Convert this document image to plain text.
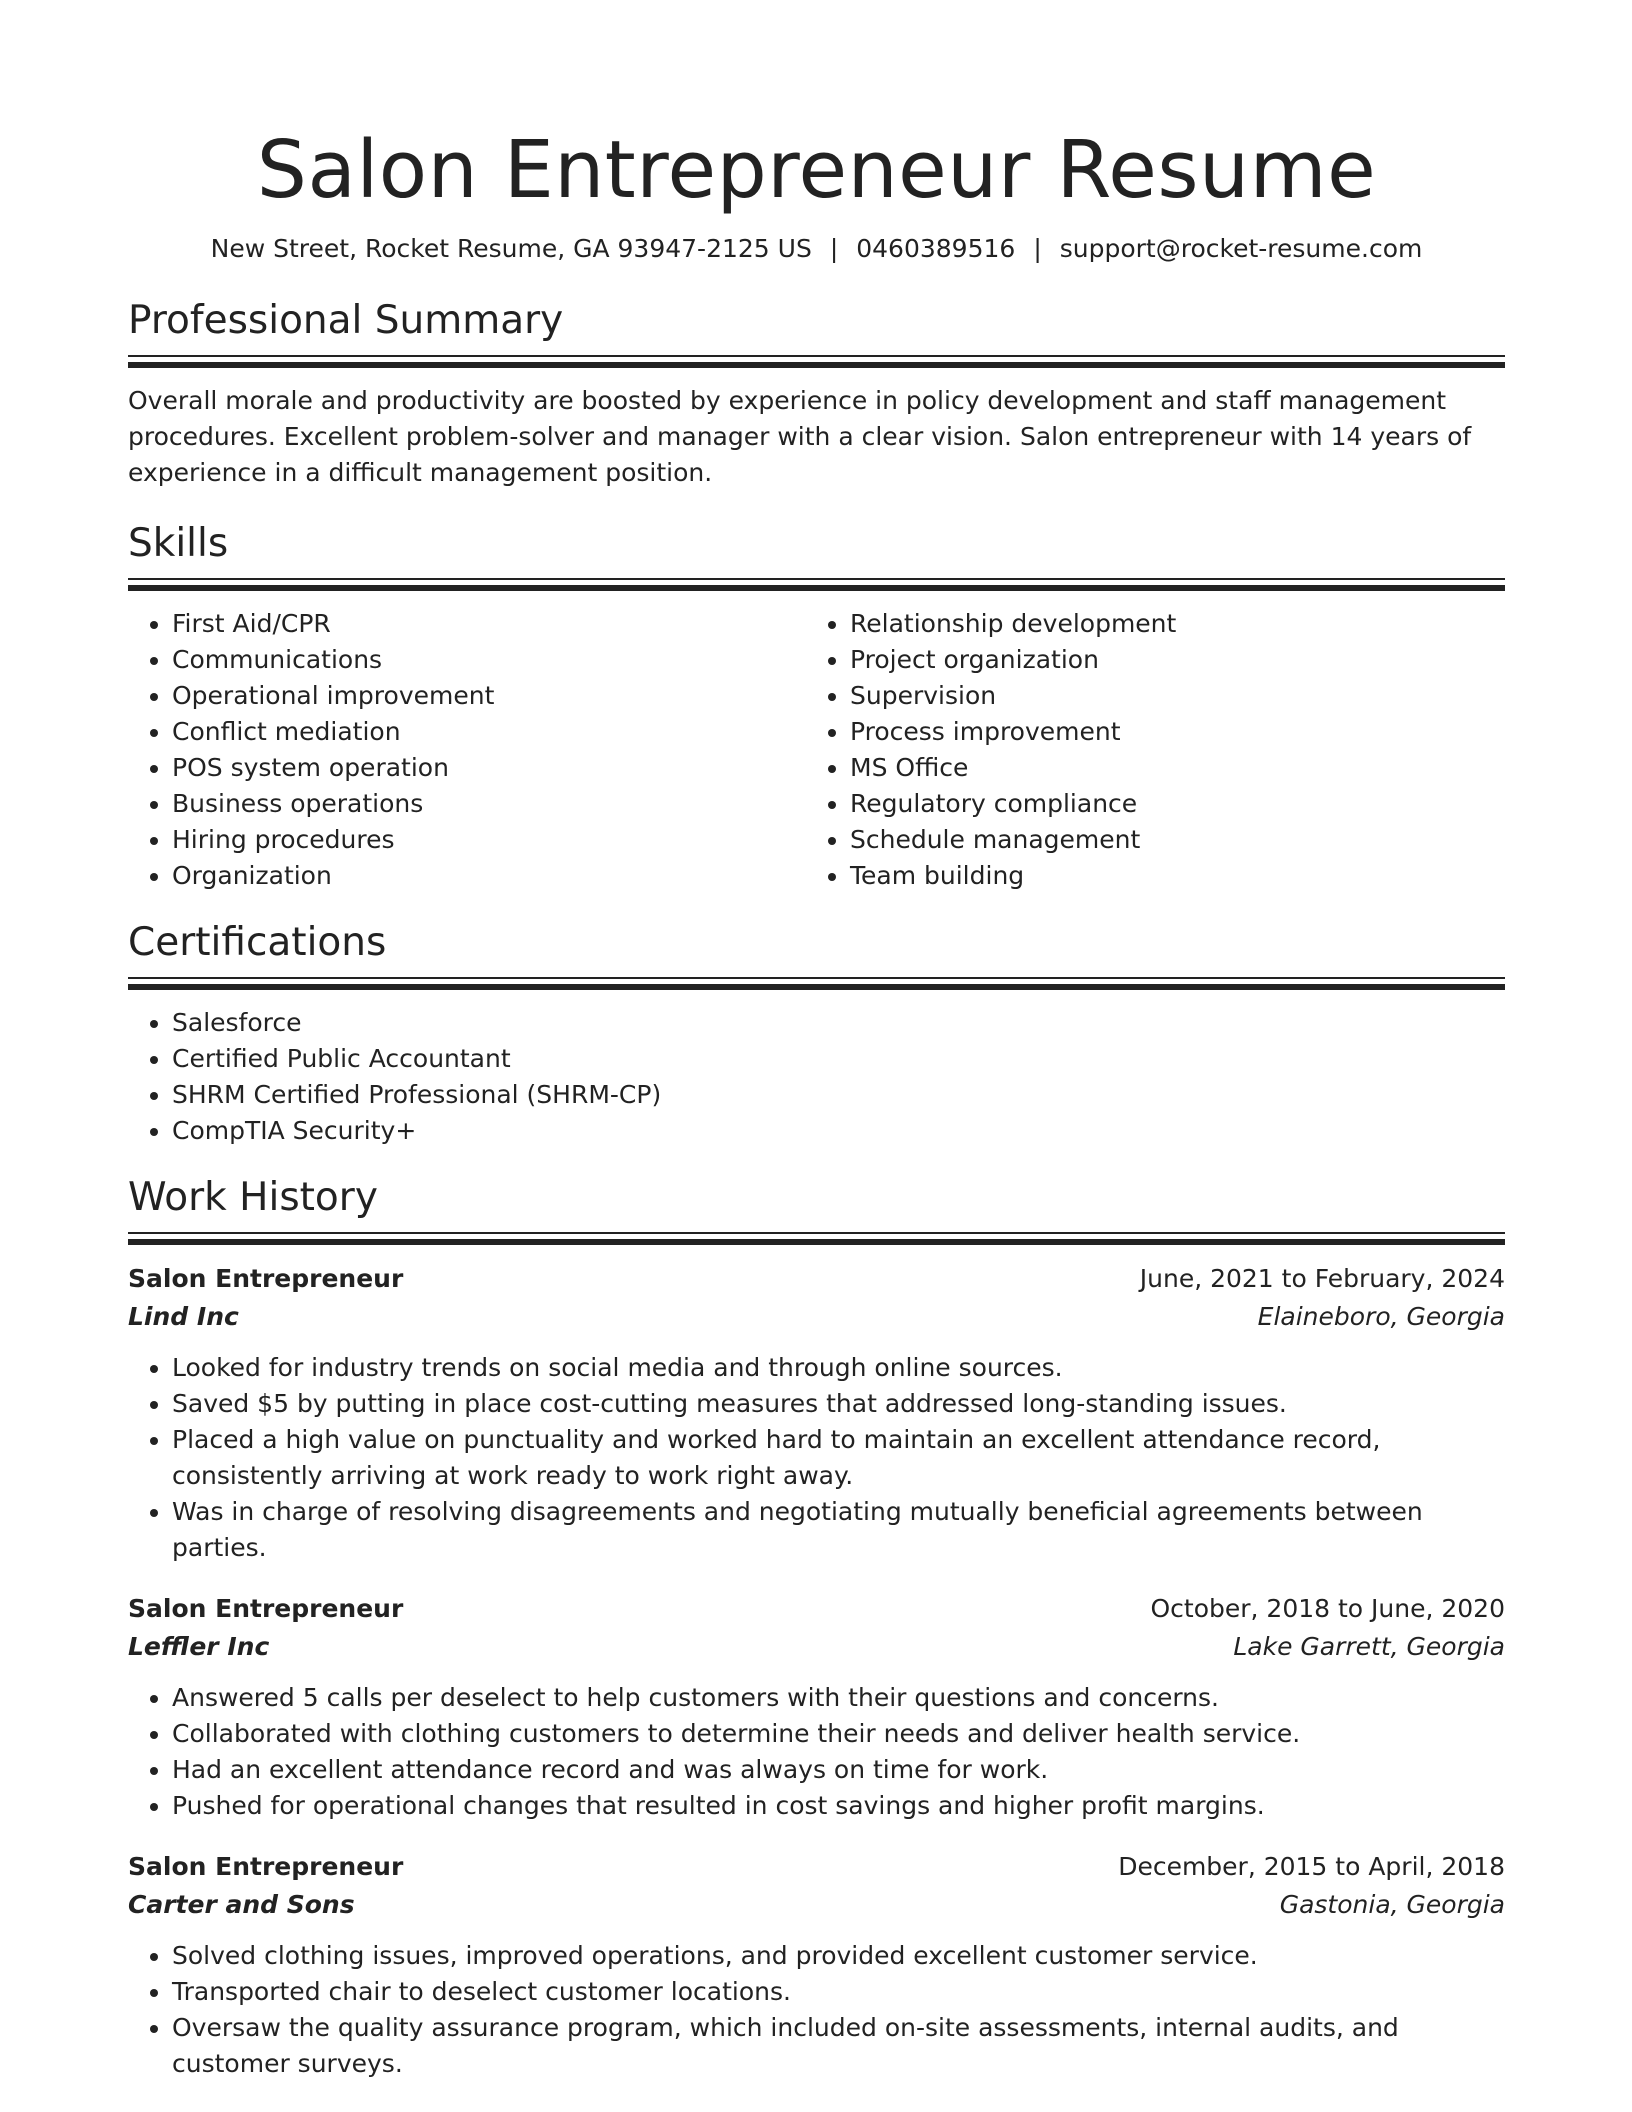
Salon Entrepreneur Resume
New Street, Rocket Resume, GA 93947-2125 US | 0460389516 | support@rocket-resume.com
Professional Summary

Overall morale and productivity are boosted by experience in policy development and staff management procedures. Excellent problem-solver and manager with a clear vision. Salon entrepreneur with 14 years of experience in a difficult management position.

Skills
• First Aid/CPR
• Communications
• Operational improvement
• Conflict mediation
• POS system operation
• Business operations
• Hiring procedures
• Organization
• Relationship development
• Project organization
• Supervision
• Process improvement
• MS Office
• Regulatory compliance
• Schedule management
• Team building
Certifications
• Salesforce
• Certified Public Accountant
• SHRM Certified Professional (SHRM-CP)
• CompTIA Security+
Work History
Salon Entrepreneur	June, 2021 to February, 2024
Lind Inc	Elaineboro, Georgia
• Looked for industry trends on social media and through online sources.
• Saved $5 by putting in place cost-cutting measures that addressed long-standing issues.
• Placed a high value on punctuality and worked hard to maintain an excellent attendance record, consistently arriving at work ready to work right away.
• Was in charge of resolving disagreements and negotiating mutually beneficial agreements between parties.
Salon Entrepreneur	October, 2018 to June, 2020
Leffler Inc	Lake Garrett, Georgia
• Answered 5 calls per deselect to help customers with their questions and concerns.
• Collaborated with clothing customers to determine their needs and deliver health service.
• Had an excellent attendance record and was always on time for work.
• Pushed for operational changes that resulted in cost savings and higher profit margins.
Salon Entrepreneur	December, 2015 to April, 2018
Carter and Sons	Gastonia, Georgia
• Solved clothing issues, improved operations, and provided excellent customer service.
• Transported chair to deselect customer locations.
• Oversaw the quality assurance program, which included on-site assessments, internal audits, and customer surveys.
